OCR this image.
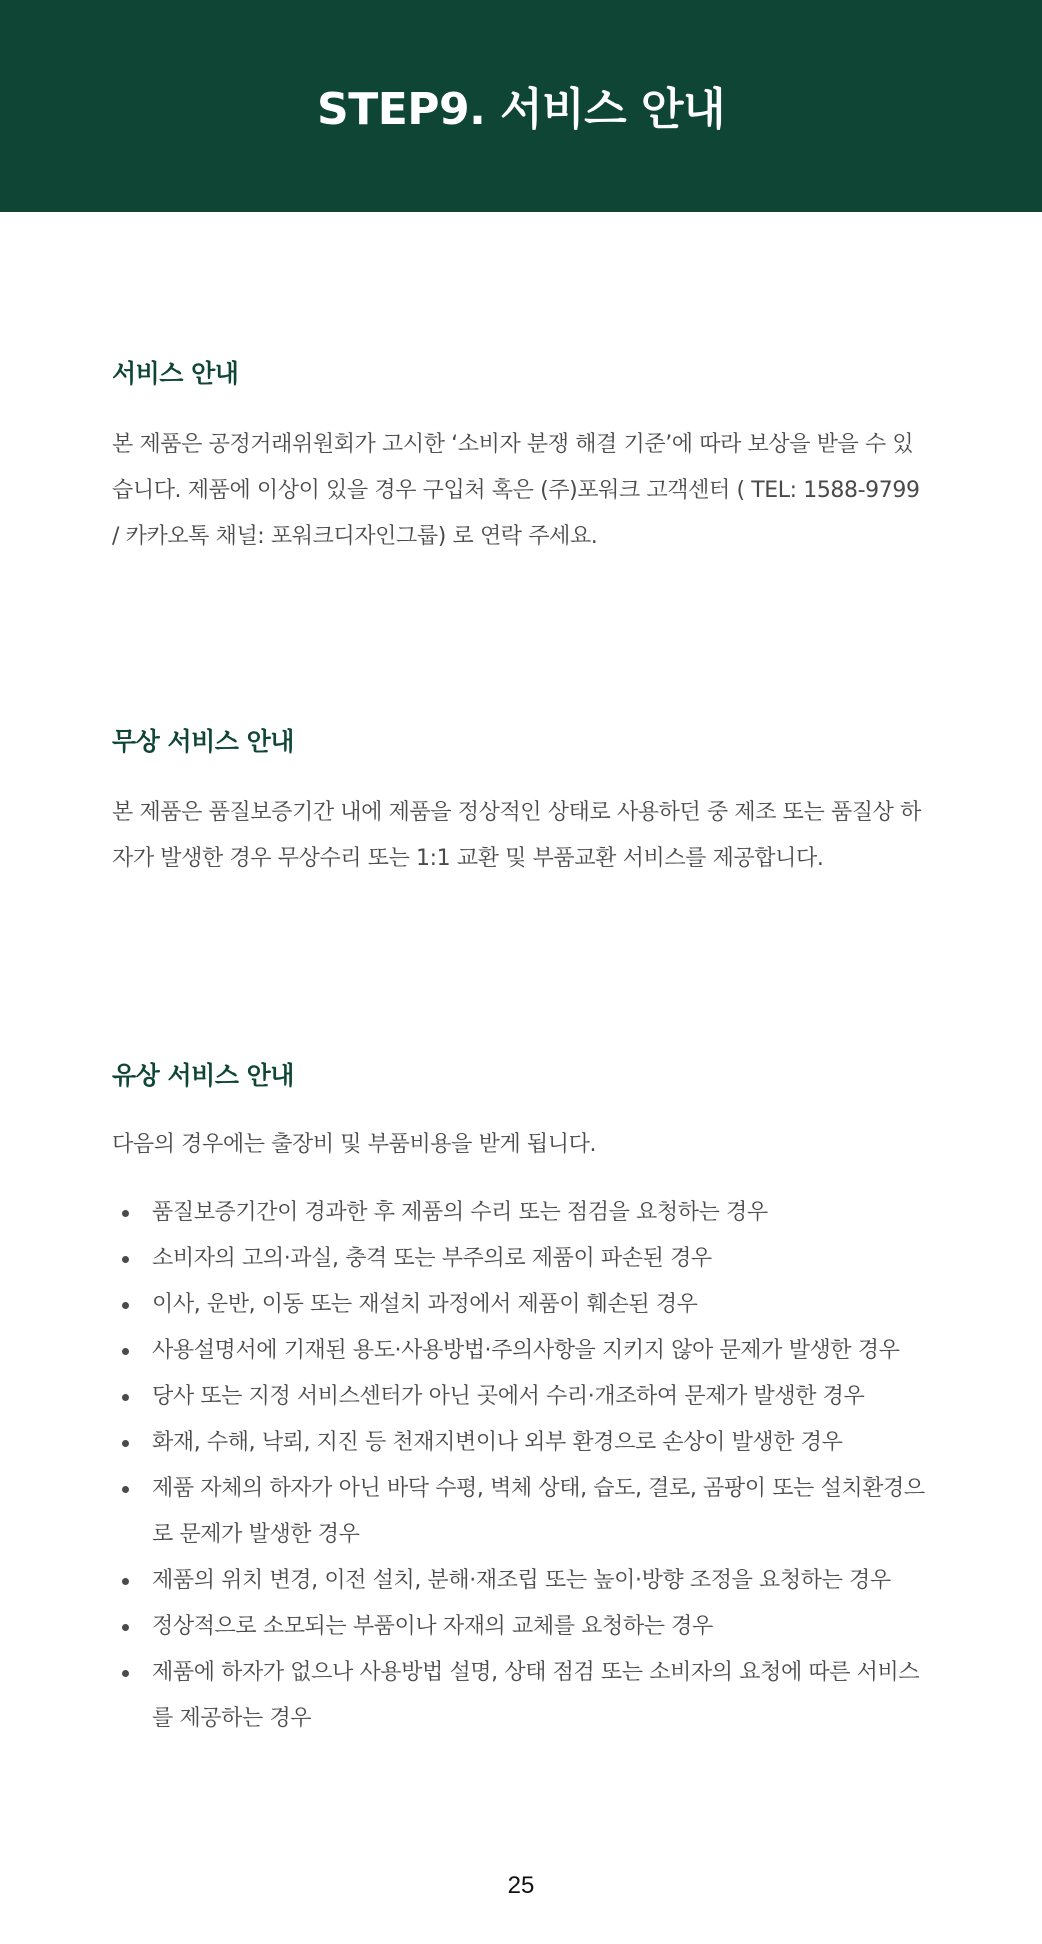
STEP9. 서비스 안내
서비스 안내

본 제품은 공정거래위원회가 고시한 ‘소비자 분쟁 해결 기준’에 따라 보상을 받을 수 있습니다. 제품에 이상이 있을 경우 구입처 혹은 (주)포워크 고객센터 ( TEL: 1588-9799 / 카카오톡 채널: 포워크디자인그룹) 로 연락 주세요.

무상 서비스 안내

본 제품은 품질보증기간 내에 제품을 정상적인 상태로 사용하던 중 제조 또는 품질상 하자가 발생한 경우 무상수리 또는 1:1 교환 및 부품교환 서비스를 제공합니다.

유상 서비스 안내

다음의 경우에는 출장비 및 부품비용을 받게 됩니다.

품질보증기간이 경과한 후 제품의 수리 또는 점검을 요청하는 경우
소비자의 고의·과실, 충격 또는 부주의로 제품이 파손된 경우
이사, 운반, 이동 또는 재설치 과정에서 제품이 훼손된 경우
사용설명서에 기재된 용도·사용방법·주의사항을 지키지 않아 문제가 발생한 경우
당사 또는 지정 서비스센터가 아닌 곳에서 수리·개조하여 문제가 발생한 경우
화재, 수해, 낙뢰, 지진 등 천재지변이나 외부 환경으로 손상이 발생한 경우
제품 자체의 하자가 아닌 바닥 수평, 벽체 상태, 습도, 결로, 곰팡이 또는 설치환경으로 문제가 발생한 경우
제품의 위치 변경, 이전 설치, 분해·재조립 또는 높이·방향 조정을 요청하는 경우
정상적으로 소모되는 부품이나 자재의 교체를 요청하는 경우
제품에 하자가 없으나 사용방법 설명, 상태 점검 또는 소비자의 요청에 따른 서비스를 제공하는 경우
25
